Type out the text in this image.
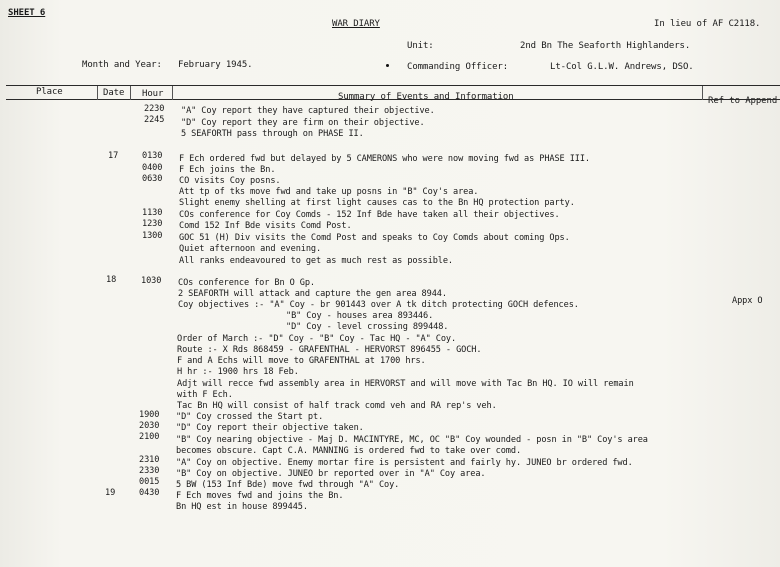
SHEET 6
WAR DIARY	In lieu of AF C2118.
Unit:	2nd Bn The Seaforth Highlanders.
Month and Year: February 1945.	Commanding Officer:	Lt-Col G.L.W. Andrews, DSO.
Place	Date Hour	Summary of Events and Information	Ref to Append
2230 "A" Coy report they have captured their objective.
2245 "D" Coy report they are firm on their objective.
5 SEAFORTH pass through on PHASE II.
17	0130 F Ech ordered fwd but delayed by 5 CAMERONS who were now moving fwd as PHASE III.
0400 F Ech joins the Bn.
0630 CO visits Coy posns.
Att tp of tks move fwd and take up posns in "B" Coy's area.
Slight enemy shelling at first light causes cas to the Bn HQ protection party.
1130 COs conference for Coy Comds - 152 Inf Bde have taken all their objectives.
1230 Comd 152 Inf Bde visits Comd Post.
1300 GOC 51 (H) Div visits the Comd Post and speaks to Coy Comds about coming Ops.
Quiet afternoon and evening.
All ranks endeavoured to get as much rest as possible.
18	1030 COs conference for Bn O Gp.
2 SEAFORTH will attack and capture the gen area 8944.
Coy objectives :- "A" Coy - br 901443 over A tk ditch protecting GOCH defences.	Appx O
"B" Coy - houses area 893446.
"D" Coy - level crossing 899448.
Order of March :- "D" Coy - "B" Coy - Tac HQ - "A" Coy.
Route :- X Rds 868459 - GRAFENTHAL - HERVORST 896455 - GOCH.
F and A Echs will move to GRAFENTHAL at 1700 hrs.
H hr :- 1900 hrs 18 Feb.
Adjt will recce fwd assembly area in HERVORST and will move with Tac Bn HQ. IO will remain
with F Ech.
Tac Bn HQ will consist of half track comd veh and RA rep's veh.
1900 "D" Coy crossed the Start pt.
2030 "D" Coy report their objective taken.
2100 "B" Coy nearing objective - Maj D. MACINTYRE, MC, OC "B" Coy wounded - posn in "B" Coy's area
becomes obscure. Capt C.A. MANNING is ordered fwd to take over comd.
2310 "A" Coy on objective. Enemy mortar fire is persistent and fairly hy. JUNEO br ordered fwd.
2330 "B" Coy on objective. JUNEO br reported over in "A" Coy area.
0015 5 BW (153 Inf Bde) move fwd through "A" Coy.
19	0430 F Ech moves fwd and joins the Bn.
Bn HQ est in house 899445.
